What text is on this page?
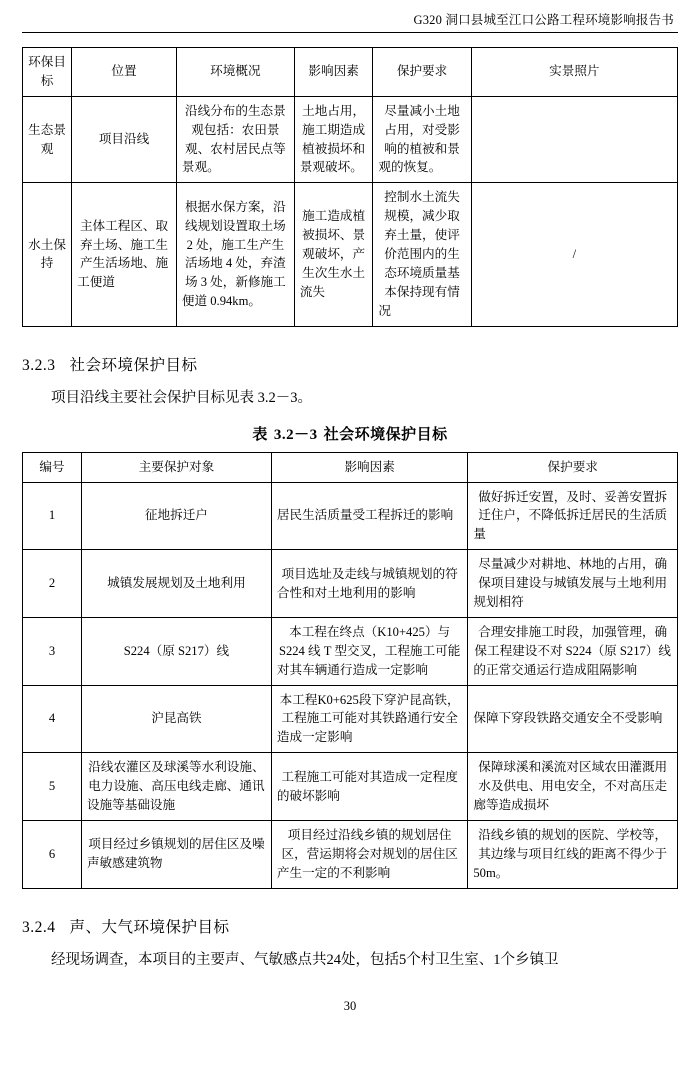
G320 洞口县城至江口公路工程环境影响报告书
环保目标	位置	环境概况	影响因素	保护要求	实景照片
生态景观	项目沿线	沿线分布的生态景观包括：农田景观、农村居民点等景观。	土地占用，施工期造成植被损坏和景观破坏。	尽量减小土地占用，对受影响的植被和景观的恢复。	
水土保持	主体工程区、取弃土场、施工生产生活场地、施工便道	根据水保方案，沿线规划设置取土场 2 处，施工生产生活场地 4 处，弃渣场 3 处，新修施工便道 0.94km。	施工造成植被损坏、景观破坏，产生次生水土流失	控制水土流失规模，减少取弃土量，使评价范围内的生态环境质量基本保持现有情况	/
3.2.3 社会环境保护目标

项目沿线主要社会保护目标见表 3.2－3。

表 3.2－3 社会环境保护目标
编号	主要保护对象	影响因素	保护要求
1	征地拆迁户	居民生活质量受工程拆迁的影响	做好拆迁安置，及时、妥善安置拆迁住户，不降低拆迁居民的生活质量
2	城镇发展规划及土地利用	项目选址及走线与城镇规划的符合性和对土地利用的影响	尽量减少对耕地、林地的占用，确保项目建设与城镇发展与土地利用规划相符
3	S224（原 S217）线	本工程在终点（K10+425）与 S224 线 T 型交叉，工程施工可能对其车辆通行造成一定影响	合理安排施工时段，加强管理，确保工程建设不对 S224（原 S217）线的正常交通运行造成阻隔影响
4	沪昆高铁	本工程K0+625段下穿沪昆高铁，工程施工可能对其铁路通行安全造成一定影响	保障下穿段铁路交通安全不受影响
5	沿线农灌区及球溪等水利设施、电力设施、高压电线走廊、通讯设施等基础设施	工程施工可能对其造成一定程度的破坏影响	保障球溪和溪流对区域农田灌溉用水及供电、用电安全，不对高压走廊等造成损坏
6	项目经过乡镇规划的居住区及噪声敏感建筑物	项目经过沿线乡镇的规划居住区，营运期将会对规划的居住区产生一定的不利影响	沿线乡镇的规划的医院、学校等，其边缘与项目红线的距离不得少于 50m。
3.2.4 声、大气环境保护目标

经现场调查，本项目的主要声、气敏感点共24处，包括5个村卫生室、1个乡镇卫

30
